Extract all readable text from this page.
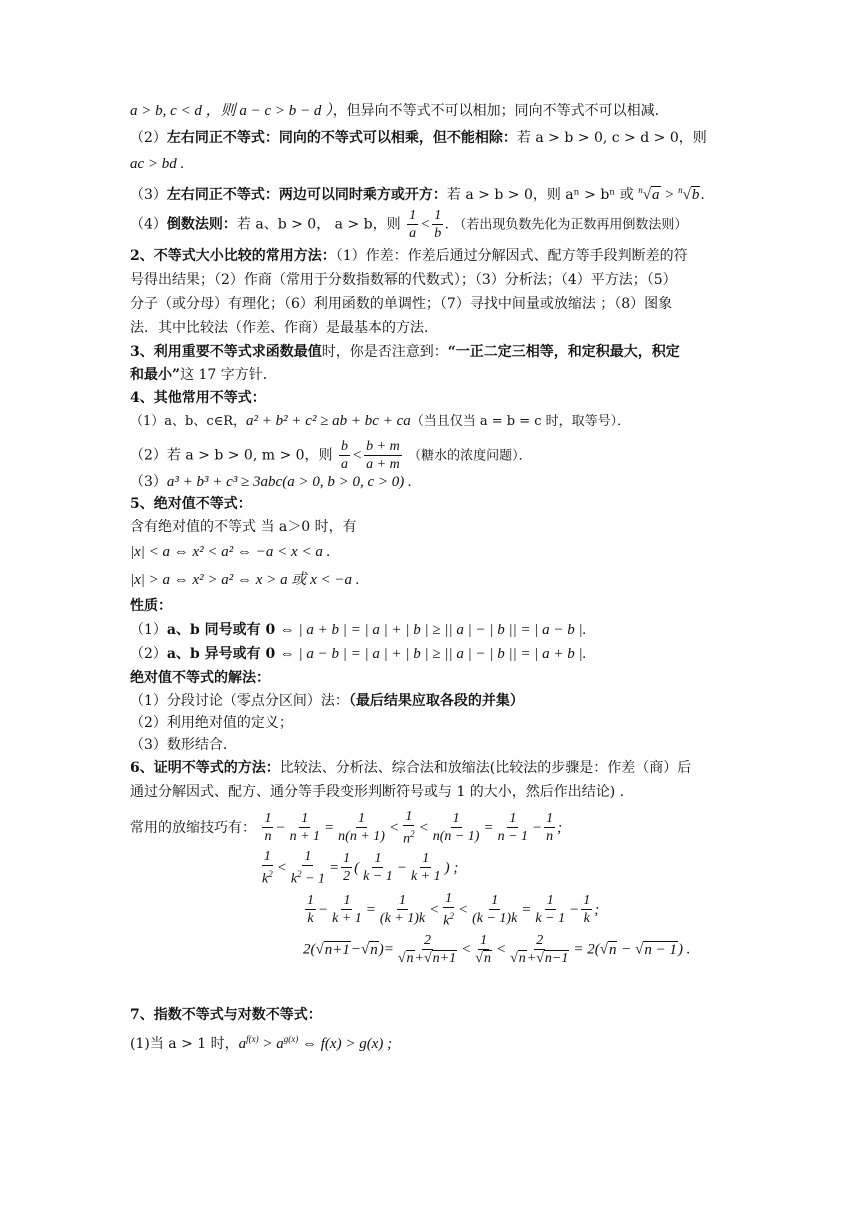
a > b, c < d ，则 a − c > b − d ），但异向不等式不可以相加；同向不等式不可以相减.
（2）左右同正不等式：同向的不等式可以相乘，但不能相除：若 a > b > 0, c > d > 0，则
ac > bd .
（3）左右同正不等式：两边可以同时乘方或开方：若 a > b > 0，则 aⁿ > bⁿ 或 $^n$√a > $^n$√b.
（4）倒数法则：若 a、b > 0， a > b，则 $\frac{1}{a} < \frac{1}{b}$ . （若出现负数先化为正数再用倒数法则）
2、不等式大小比较的常用方法：（1）作差：作差后通过分解因式、配方等手段判断差的符
号得出结果；（2）作商（常用于分数指数幂的代数式）；（3）分析法；（4）平方法；（5）
分子（或分母）有理化；（6）利用函数的单调性；（7）寻找中间量或放缩法 ；（8）图象
法．其中比较法（作差、作商）是最基本的方法．
3、利用重要不等式求函数最值时，你是否注意到：“一正二定三相等，和定积最大，积定
和最小”这 17 字方针．
4、其他常用不等式：
（1）a、b、c∈R，a² + b² + c² ≥ ab + bc + ca（当且仅当 a = b = c 时，取等号）．
（2）若 a > b > 0, m > 0，则 $\frac{b}{a} < \frac{b + m}{a + m}$ （糖水的浓度问题）．
（3）a³ + b³ + c³ ≥ 3abc(a > 0, b > 0, c > 0) .
5、绝对值不等式：
含有绝对值的不等式 当 a＞0 时，有
|x| < a ⇔ x² < a² ⇔ −a < x < a .
|x| > a ⇔ x² > a² ⇔ x > a 或 x < −a .
性质：
（1）a、b 同号或有 0 ⇔ | a + b | = | a | + | b | ≥ || a | − | b || = | a − b |.
（2）a、b 异号或有 0 ⇔ | a − b | = | a | + | b | ≥ || a | − | b || = | a + b |.
绝对值不等式的解法：
（1）分段讨论（零点分区间）法：（最后结果应取各段的并集）
（2）利用绝对值的定义；
（3）数形结合.
6、证明不等式的方法：比较法、分析法、综合法和放缩法(比较法的步骤是：作差（商）后
通过分解因式、配方、通分等手段变形判断符号或与 1 的大小，然后作出结论) ．
常用的放缩技巧有： $\frac{1}{n} - \frac{1}{n + 1} = \frac{1}{n(n + 1)} < \frac{1}{n^2} < \frac{1}{n(n - 1)} = \frac{1}{n - 1} - \frac{1}{n}$ ;
$\frac{1}{k^2} < \frac{1}{k^2 - 1} = \frac{1}{2}$ ( $\frac{1}{k - 1} - \frac{1}{k + 1}$ ) ;
$\frac{1}{k} - \frac{1}{k + 1} = \frac{1}{(k + 1)k} < \frac{1}{k^2} < \frac{1}{(k - 1)k} = \frac{1}{k - 1} - \frac{1}{k}$ ;
$2(√n+1-√n)= \frac{2}{√n+√n+1} < \frac{1}{√n} < \frac{2}{√n+√n-1} = 2(√n - √n - 1)$ .
7、指数不等式与对数不等式：
(1)当 a > 1 时，$a^{f(x)} > a^{g(x)}$ ⇔ f(x) > g(x) ;
